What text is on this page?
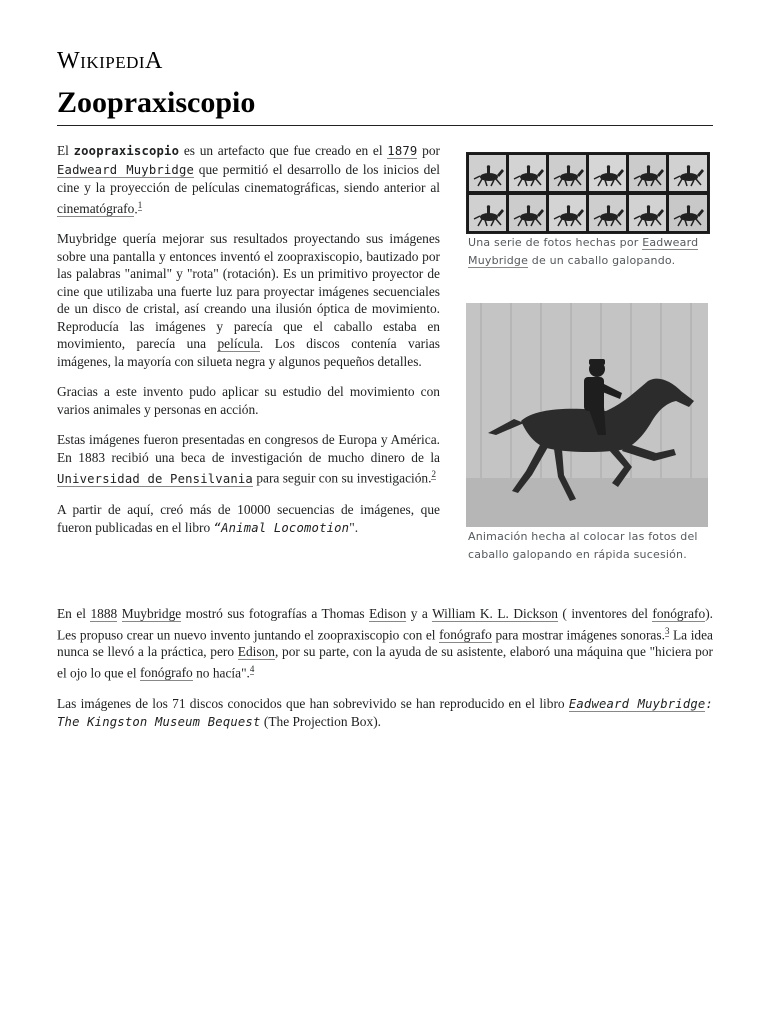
WIKIPEDIA
Zoopraxiscopio

El zoopraxiscopio es un artefacto que fue creado en el 1879 por Eadweard Muybridge que permitió el desarrollo de los inicios del cine y la proyección de películas cinematográficas, siendo anterior al cinematógrafo.$^1$

Muybridge quería mejorar sus resultados proyectando sus imágenes sobre una pantalla y entonces inventó el zoopraxiscopio, bautizado por las palabras "animal" y "rota" (rotación). Es un primitivo proyector de cine que utilizaba una fuerte luz para proyectar imágenes secuenciales de un disco de cristal, así creando una ilusión óptica de movimiento. Reproducía las imágenes y parecía que el caballo estaba en movimiento, parecía una película. Los discos contenía varias imágenes, la mayoría con silueta negra y algunos pequeños detalles.

Gracias a este invento pudo aplicar su estudio del movimiento con varios animales y personas en acción.

Estas imágenes fueron presentadas en congresos de Europa y América. En 1883 recibió una beca de investigación de mucho dinero de la Universidad de Pensilvania para seguir con su investigación.$^2$

A partir de aquí, creó más de 10000 secuencias de imágenes, que fueron publicadas en el libro “Animal Locomotion".

En el 1888 Muybridge mostró sus fotografías a Thomas Edison y a William K. L. Dickson ( inventores del fonógrafo). Les propuso crear un nuevo invento juntando el zoopraxiscopio con el fonógrafo para mostrar imágenes sonoras.$^3$ La idea nunca se llevó a la práctica, pero Edison, por su parte, con la ayuda de su asistente, elaboró una máquina que "hiciera por el ojo lo que el fonógrafo no hacía".$^4$

Las imágenes de los 71 discos conocidos que han sobrevivido se han reproducido en el libro Eadweard Muybridge: The Kingston Museum Bequest (The Projection Box).

Una serie de fotos hechas por Eadweard Muybridge de un caballo galopando.
Animación hecha al colocar las fotos del caballo galopando en rápida sucesión.
